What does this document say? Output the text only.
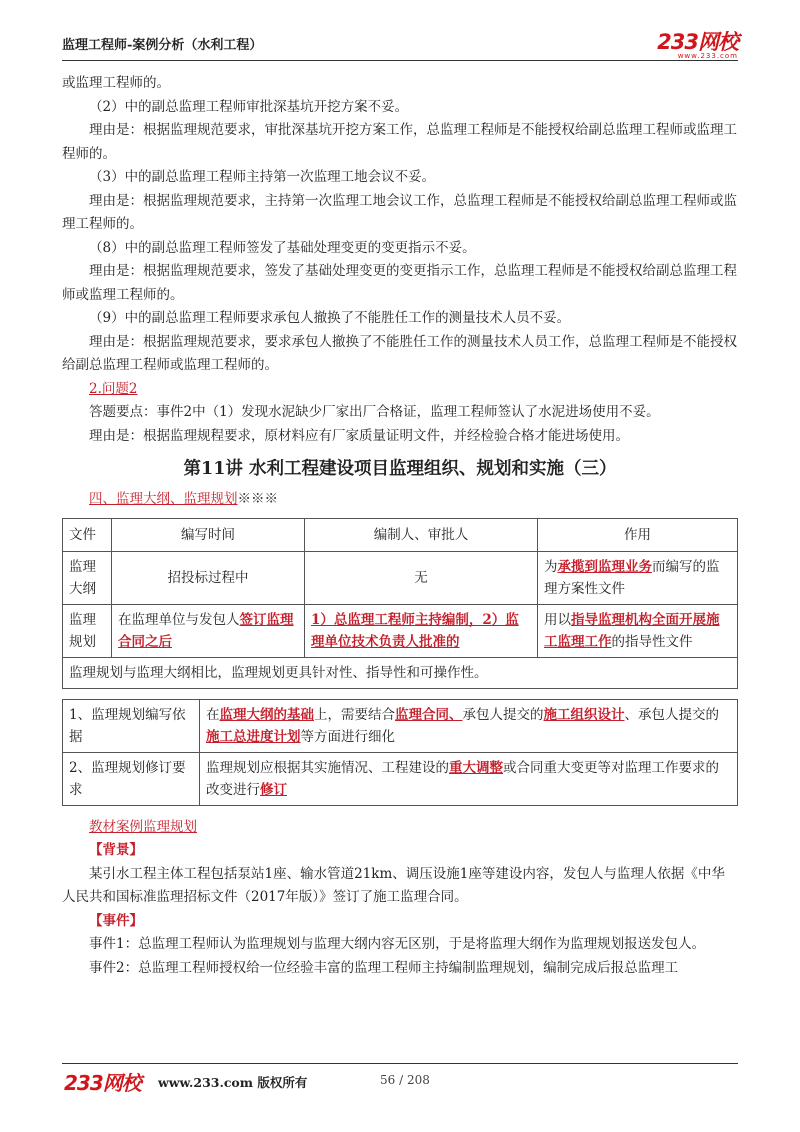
监理工程师-案例分析（水利工程）	233网校
www.233.com

或监理工程师的。

（2）中的副总监理工程师审批深基坑开挖方案不妥。

理由是：根据监理规范要求，审批深基坑开挖方案工作，总监理工程师是不能授权给副总监理工程师或监理工程师的。

（3）中的副总监理工程师主持第一次监理工地会议不妥。

理由是：根据监理规范要求，主持第一次监理工地会议工作，总监理工程师是不能授权给副总监理工程师或监理工程师的。

（8）中的副总监理工程师签发了基础处理变更的变更指示不妥。

理由是：根据监理规范要求，签发了基础处理变更的变更指示工作，总监理工程师是不能授权给副总监理工程师或监理工程师的。

（9）中的副总监理工程师要求承包人撤换了不能胜任工作的测量技术人员不妥。

理由是：根据监理规范要求，要求承包人撤换了不能胜任工作的测量技术人员工作，总监理工程师是不能授权给副总监理工程师或监理工程师的。

2.问题2

答题要点：事件2中（1）发现水泥缺少厂家出厂合格证，监理工程师签认了水泥进场使用不妥。

理由是：根据监理规程要求，原材料应有厂家质量证明文件，并经检验合格才能进场使用。

第11讲 水利工程建设项目监理组织、规划和实施（三）
四、监理大纲、监理规划※※※
文件	编写时间	编制人、审批人	作用
监理大纲	招投标过程中	无	为承揽到监理业务而编写的监理方案性文件
监理规划	在监理单位与发包人签订监理合同之后	1）总监理工程师主持编制，2）监理单位技术负责人批准的	用以指导监理机构全面开展施工监理工作的指导性文件
监理规划与监理大纲相比，监理规划更具针对性、指导性和可操作性。			
1、监理规划编写依据	在监理大纲的基础上，需要结合监理合同、承包人提交的施工组织设计、承包人提交的施工总进度计划等方面进行细化
2、监理规划修订要求	监理规划应根据其实施情况、工程建设的重大调整或合同重大变更等对监理工作要求的改变进行修订

教材案例监理规划

【背景】

某引水工程主体工程包括泵站1座、输水管道21km、调压设施1座等建设内容，发包人与监理人依据《中华人民共和国标准监理招标文件（2017年版）》签订了施工监理合同。

【事件】

事件1：总监理工程师认为监理规划与监理大纲内容无区别，于是将监理大纲作为监理规划报送发包人。

事件2：总监理工程师授权给一位经验丰富的监理工程师主持编制监理规划，编制完成后报总监理工

233网校 www.233.com 版权所有	56 / 208
